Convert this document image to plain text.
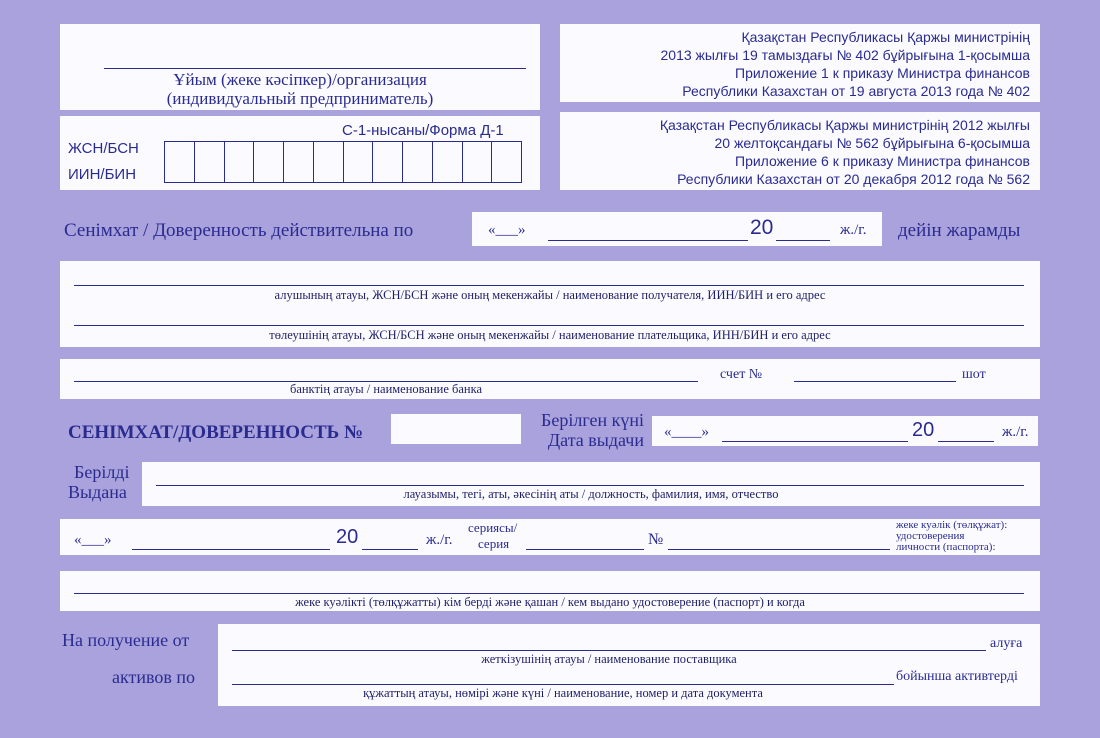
Ұйым (жеке кәсіпкер)/организация
(индивидуальный предприниматель)
С-1-нысаны/Форма Д-1
ЖСН/БСН
ИИН/БИН
Қазақстан Республикасы Қаржы министрінің
2013 жылғы 19 тамыздағы № 402 бұйрығына 1-қосымша
Приложение 1 к приказу Министра финансов
Республики Казахстан от 19 августа 2013 года № 402
Қазақстан Республикасы Қаржы министрінің 2012 жылғы
20 желтоқсандағы № 562 бұйрығына 6-қосымша
Приложение 6 к приказу Министра финансов
Республики Казахстан от 20 декабря 2012 года № 562
Сенімхат / Доверенность действительна по	«___»	20	ж./г. дейін жарамды
алушының атауы, ЖСН/БСН және оның мекенжайы / наименование получателя, ИИН/БИН и его адрес
төлеушінің атауы, ЖСН/БСН және оның мекенжайы / наименование плательщика, ИНН/БИН и его адрес
банктің атауы / наименование банка
счет №	шот
СЕНІМХАТ/ДОВЕРЕННОСТЬ №
Берілген күні
Дата выдачи «____»	20	ж./г.
Берілді
Выдана	лауазымы, тегі, аты, әкесінің аты / должность, фамилия, имя, отчество
«___»	20	ж./г.
сериясы/
серия	№
жеке куәлік (төлқұжат):
удостоверения
личности (паспорта):
жеке куәлікті (төлқұжатты) кім берді және қашан / кем выдано удостоверение (паспорт) и когда
На получение от
активов по
алуға
жеткізушінің атауы / наименование поставщика
бойынша активтерді
құжаттың атауы, нөмірі және күні / наименование, номер и дата документа
